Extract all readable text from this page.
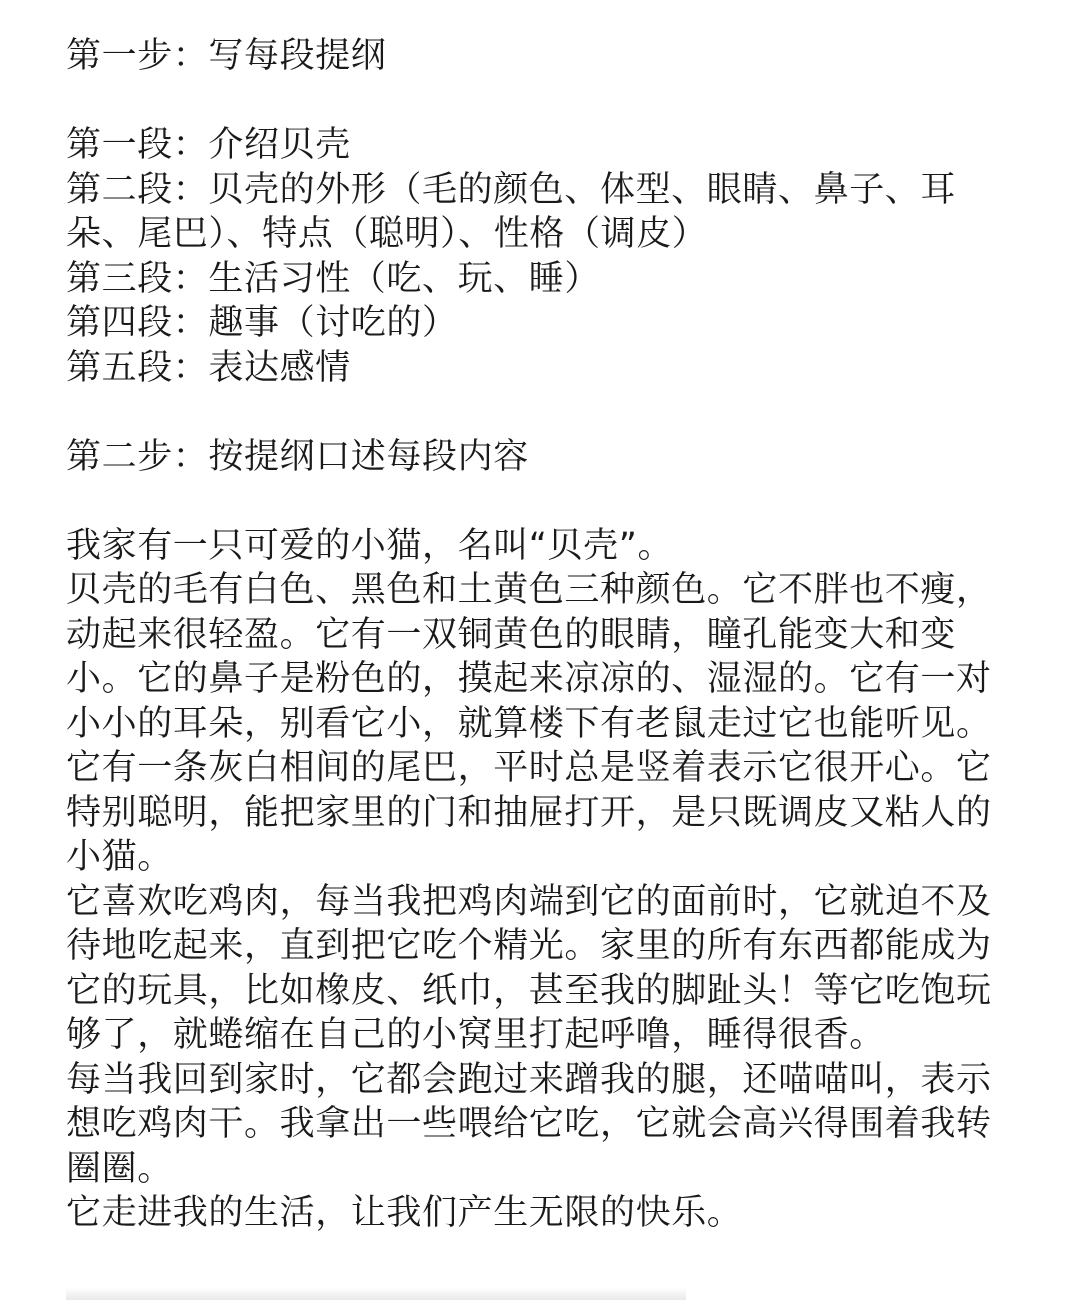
第一步：写每段提纲
第一段：介绍贝壳
第二段：贝壳的外形（毛的颜色、体型、眼睛、鼻子、耳朵、尾巴）、特点（聪明）、性格（调皮）
第三段：生活习性（吃、玩、睡）
第四段：趣事（讨吃的）
第五段：表达感情
第二步：按提纲口述每段内容
我家有一只可爱的小猫，名叫“贝壳”。
贝壳的毛有白色、黑色和土黄色三种颜色。它不胖也不瘦，动起来很轻盈。它有一双铜黄色的眼睛，瞳孔能变大和变小。它的鼻子是粉色的，摸起来凉凉的、湿湿的。它有一对小小的耳朵，别看它小，就算楼下有老鼠走过它也能听见。它有一条灰白相间的尾巴，平时总是竖着表示它很开心。它特别聪明，能把家里的门和抽屉打开，是只既调皮又粘人的小猫。
它喜欢吃鸡肉，每当我把鸡肉端到它的面前时，它就迫不及待地吃起来，直到把它吃个精光。家里的所有东西都能成为它的玩具，比如橡皮、纸巾，甚至我的脚趾头！等它吃饱玩够了，就蜷缩在自己的小窝里打起呼噜，睡得很香。
每当我回到家时，它都会跑过来蹭我的腿，还喵喵叫，表示想吃鸡肉干。我拿出一些喂给它吃，它就会高兴得围着我转圈圈。
它走进我的生活，让我们产生无限的快乐。
